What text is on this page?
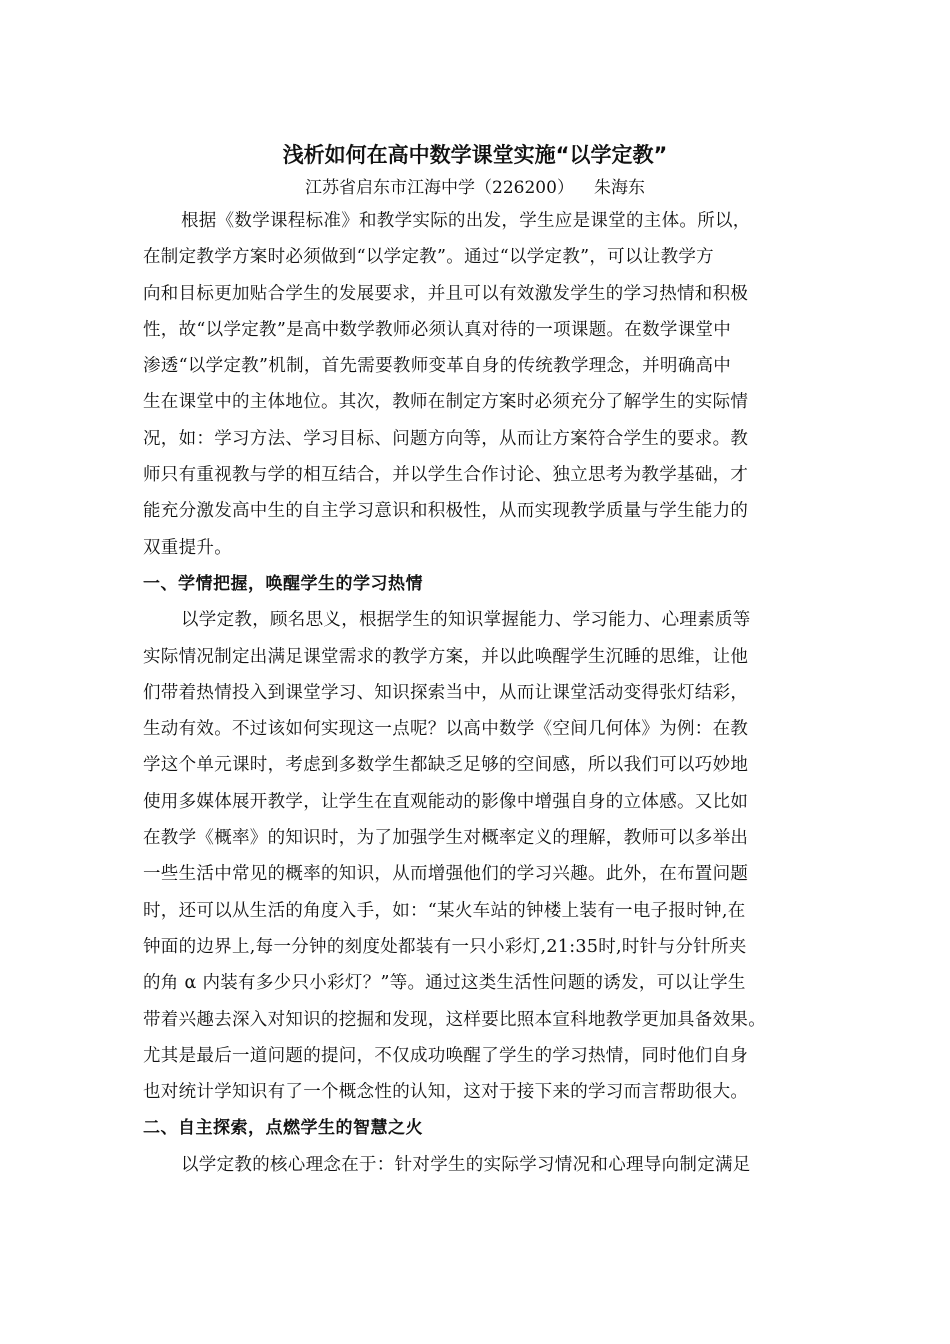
浅析如何在高中数学课堂实施“以学定教”
江苏省启东市江海中学（226200） 朱海东
根据《数学课程标准》和教学实际的出发，学生应是课堂的主体。所以，
在制定教学方案时必须做到“以学定教”。通过“以学定教”，可以让教学方
向和目标更加贴合学生的发展要求，并且可以有效激发学生的学习热情和积极
性，故“以学定教”是高中数学教师必须认真对待的一项课题。在数学课堂中
渗透“以学定教”机制，首先需要教师变革自身的传统教学理念，并明确高中
生在课堂中的主体地位。其次，教师在制定方案时必须充分了解学生的实际情
况，如：学习方法、学习目标、问题方向等，从而让方案符合学生的要求。教
师只有重视教与学的相互结合，并以学生合作讨论、独立思考为教学基础，才
能充分激发高中生的自主学习意识和积极性，从而实现教学质量与学生能力的
双重提升。
一、学情把握，唤醒学生的学习热情
以学定教，顾名思义，根据学生的知识掌握能力、学习能力、心理素质等
实际情况制定出满足课堂需求的教学方案，并以此唤醒学生沉睡的思维，让他
们带着热情投入到课堂学习、知识探索当中，从而让课堂活动变得张灯结彩，
生动有效。不过该如何实现这一点呢？以高中数学《空间几何体》为例：在教
学这个单元课时，考虑到多数学生都缺乏足够的空间感，所以我们可以巧妙地
使用多媒体展开教学，让学生在直观能动的影像中增强自身的立体感。又比如
在教学《概率》的知识时，为了加强学生对概率定义的理解，教师可以多举出
一些生活中常见的概率的知识，从而增强他们的学习兴趣。此外，在布置问题
时，还可以从生活的角度入手，如：“某火车站的钟楼上装有一电子报时钟,在
钟面的边界上,每一分钟的刻度处都装有一只小彩灯,21:35时,时针与分针所夹
的角 α 内装有多少只小彩灯？”等。通过这类生活性问题的诱发，可以让学生
带着兴趣去深入对知识的挖掘和发现，这样要比照本宣科地教学更加具备效果。
尤其是最后一道问题的提问，不仅成功唤醒了学生的学习热情，同时他们自身
也对统计学知识有了一个概念性的认知，这对于接下来的学习而言帮助很大。
二、自主探索，点燃学生的智慧之火
以学定教的核心理念在于：针对学生的实际学习情况和心理导向制定满足
